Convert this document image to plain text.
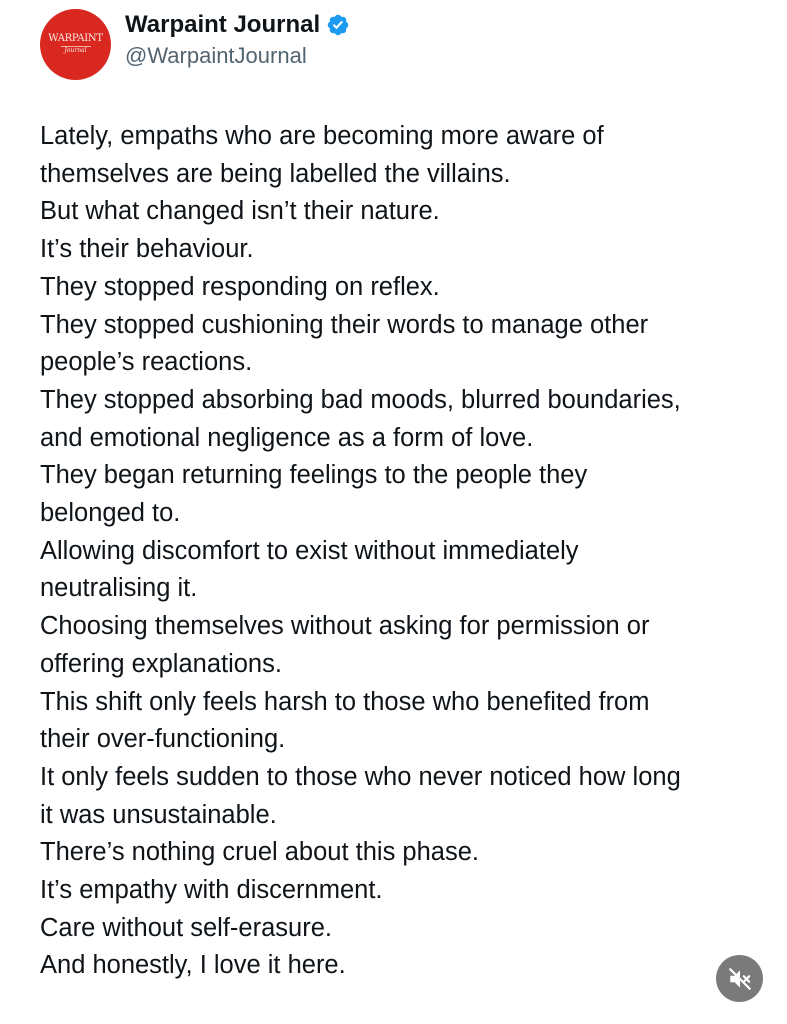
WARPAINT
Journal
Warpaint Journal
@WarpaintJournal
Lately, empaths who are becoming more aware of
themselves are being labelled the villains.
But what changed isn’t their nature.
It’s their behaviour.
They stopped responding on reflex.
They stopped cushioning their words to manage other
people’s reactions.
They stopped absorbing bad moods, blurred boundaries,
and emotional negligence as a form of love.
They began returning feelings to the people they
belonged to.
Allowing discomfort to exist without immediately
neutralising it.
Choosing themselves without asking for permission or
offering explanations.
This shift only feels harsh to those who benefited from
their over-functioning.
It only feels sudden to those who never noticed how long
it was unsustainable.
There’s nothing cruel about this phase.
It’s empathy with discernment.
Care without self-erasure.
And honestly, I love it here.
